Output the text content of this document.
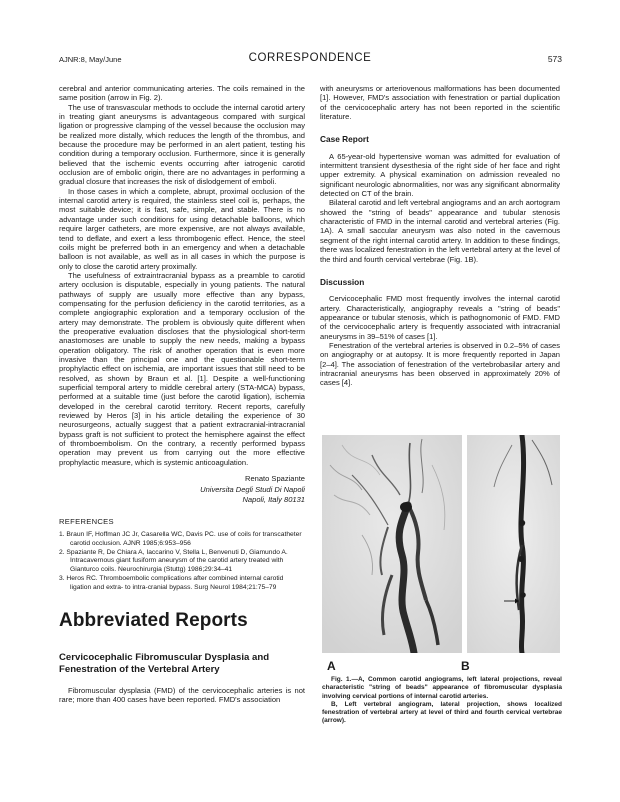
AJNR:8, May/June	CORRESPONDENCE	573

cerebral and anterior communicating arteries. The coils remained in the same position (arrow in Fig. 2).

The use of transvascular methods to occlude the internal carotid artery in treating giant aneurysms is advantageous compared with surgical ligation or progressive clamping of the vessel because the occlusion may be realized more distally, which reduces the length of the thrombus, and because the procedure may be performed in an alert patient, testing his condition during a temporary occlusion. Furthermore, since it is generally believed that the ischemic events occurring after iatrogenic carotid occlusion are of embolic origin, there are no advantages in performing a gradual closure that increases the risk of dislodgement of emboli.

In those cases in which a complete, abrupt, proximal occlusion of the internal carotid artery is required, the stainless steel coil is, perhaps, the most suitable device; it is fast, safe, simple, and stable. There is no advantage under such conditions for using detachable balloons, which require larger catheters, are more expensive, are not always available, tend to deflate, and exert a less thrombogenic effect. Hence, the steel coils might be preferred both in an emergency and when a detachable balloon is not available, as well as in all cases in which the purpose is only to close the carotid artery proximally.

The usefulness of extraintracranial bypass as a preamble to carotid artery occlusion is disputable, especially in young patients. The natural pathways of supply are usually more effective than any bypass, compensating for the perfusion deficiency in the carotid territories, as a complete angiographic exploration and a temporary occlusion of the artery may demonstrate. The problem is obviously quite different when the preoperative evaluation discloses that the physiological short-term anastomoses are unable to supply the new needs, making a bypass operation obligatory. The risk of another operation that is even more invasive than the principal one and the questionable short-term prophylactic effect on ischemia, are important issues that still need to be resolved, as shown by Braun et al. [1]. Despite a well-functioning superficial temporal artery to middle cerebral artery (STA-MCA) bypass, performed at a suitable time (just before the carotid ligation), ischemia developed in the cerebral carotid territory. Recent reports, carefully reviewed by Heros [3] in his article detailing the experience of 30 neurosurgeons, actually suggest that a patient extracranial-intracranial bypass graft is not sufficient to protect the hemisphere against the effect of thromboembolism. On the contrary, a recently performed bypass operation may prevent us from carrying out the more effective prophylactic measure, which is systemic anticoagulation.

Renato Spaziante
Universita Degli Studi Di Napoli
Napoli, Italy 80131
REFERENCES
1. Braun IF, Hoffman JC Jr, Casarella WC, Davis PC. use of coils for transcatheter carotid occlusion. AJNR 1985;6:953–956
2. Spaziante R, De Chiara A, Iaccarino V, Stella L, Benvenuti D, Giamundo A. Intracavernous giant fusiform aneurysm of the carotid artery treated with Gianturco coils. Neurochirurgia (Stuttg) 1986;29:34–41
3. Heros RC. Thromboembolic complications after combined internal carotid ligation and extra- to intra-cranial bypass. Surg Neurol 1984;21:75–79
Abbreviated Reports
Cervicocephalic Fibromuscular Dysplasia and Fenestration of the Vertebral Artery

Fibromuscular dysplasia (FMD) of the cervicocephalic arteries is not rare; more than 400 cases have been reported. FMD's association

with aneurysms or arteriovenous malformations has been documented [1]. However, FMD's association with fenestration or partial duplication of the cervicocephalic artery has not been reported in the scientific literature.

Case Report

A 65-year-old hypertensive woman was admitted for evaluation of intermittent transient dysesthesia of the right side of her face and right upper extremity. A physical examination on admission revealed no significant neurologic abnormalities, nor was any significant abnormality detected on CT of the brain.

Bilateral carotid and left vertebral angiograms and an arch aortogram showed the "string of beads" appearance and tubular stenosis characteristic of FMD in the internal carotid and vertebral arteries (Fig. 1A). A small saccular aneurysm was also noted in the cavernous segment of the right internal carotid artery. In addition to these findings, there was localized fenestration in the left vertebral artery at the level of the third and fourth cervical vertebrae (Fig. 1B).

Discussion

Cervicocephalic FMD most frequently involves the internal carotid artery. Characteristically, angiography reveals a "string of beads" appearance or tubular stenosis, which is pathognomonic of FMD. FMD of the cervicocephalic artery is frequently associated with intracranial aneurysms in 39–51% of cases [1].

Fenestration of the vertebral arteries is observed in 0.2–5% of cases on angiography or at autopsy. It is more frequently reported in Japan [2–4]. The association of fenestration of the vertebrobasilar artery and intracranial aneurysms has been observed in approximately 20% of cases [4].

A	B

Fig. 1.—A, Common carotid angiograms, left lateral projections, reveal characteristic "string of beads" appearance of fibromuscular dysplasia involving cervical portions of internal carotid arteries.

B, Left vertebral angiogram, lateral projection, shows localized fenestration of vertebral artery at level of third and fourth cervical vertebrae (arrow).
